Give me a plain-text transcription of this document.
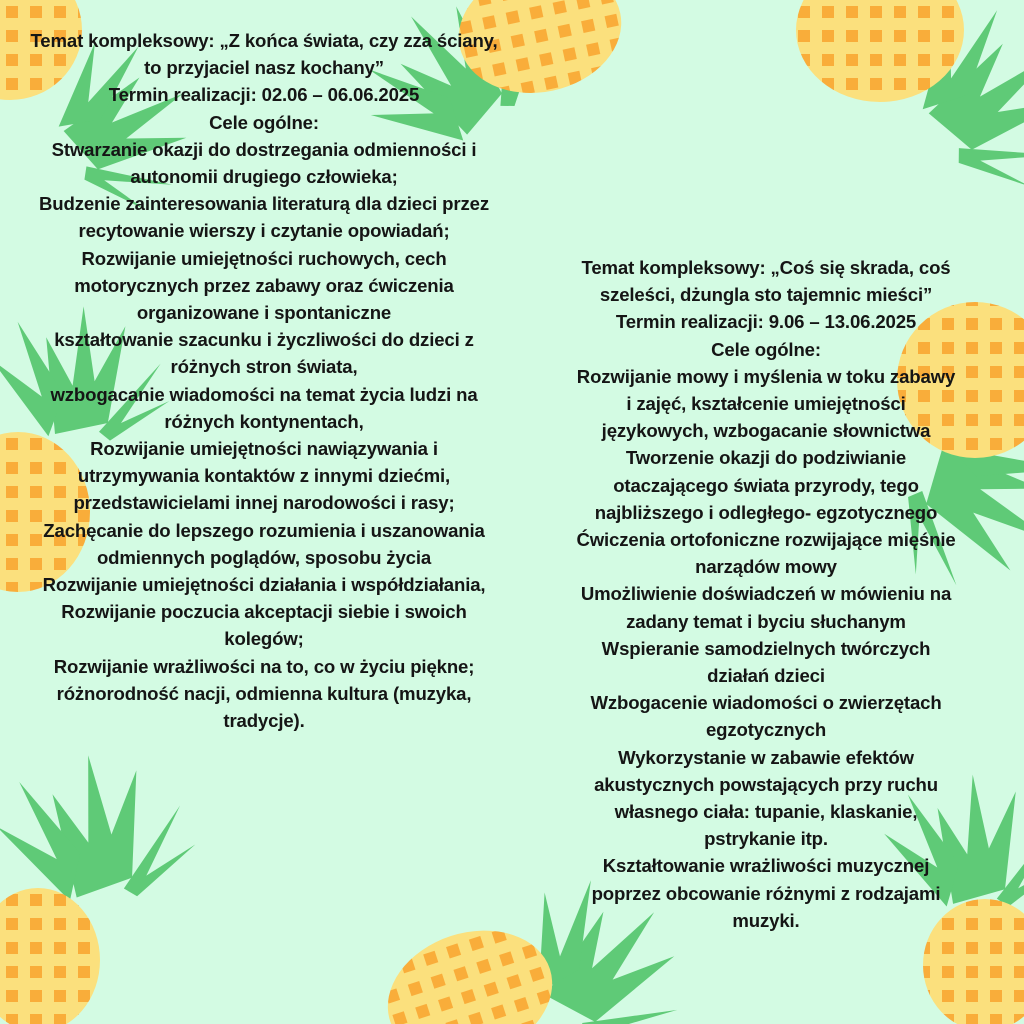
Temat kompleksowy: „Z końca świata, czy zza ściany,
to przyjaciel nasz kochany”
Termin realizacji: 02.06 – 06.06.2025
Cele ogólne:
Stwarzanie okazji do dostrzegania odmienności i
autonomii drugiego człowieka;
Budzenie zainteresowania literaturą dla dzieci przez
recytowanie wierszy i czytanie opowiadań;
Rozwijanie umiejętności ruchowych, cech
motorycznych przez zabawy oraz ćwiczenia
organizowane i spontaniczne
kształtowanie szacunku i życzliwości do dzieci z
różnych stron świata,
wzbogacanie wiadomości na temat życia ludzi na
różnych kontynentach,
Rozwijanie umiejętności nawiązywania i
utrzymywania kontaktów z innymi dziećmi,
przedstawicielami innej narodowości i rasy;
Zachęcanie do lepszego rozumienia i uszanowania
odmiennych poglądów, sposobu życia
Rozwijanie umiejętności działania i współdziałania,
Rozwijanie poczucia akceptacji siebie i swoich
kolegów;
Rozwijanie wrażliwości na to, co w życiu piękne;
różnorodność nacji, odmienna kultura (muzyka,
tradycje).
Temat kompleksowy: „Coś się skrada, coś
szeleści, dżungla sto tajemnic mieści”
Termin realizacji: 9.06 – 13.06.2025
Cele ogólne:
Rozwijanie mowy i myślenia w toku zabawy
i zajęć, kształcenie umiejętności
językowych, wzbogacanie słownictwa
Tworzenie okazji do podziwianie
otaczającego świata przyrody, tego
najbliższego i odległego- egzotycznego
Ćwiczenia ortofoniczne rozwijające mięśnie
narządów mowy
Umożliwienie doświadczeń w mówieniu na
zadany temat i byciu słuchanym
Wspieranie samodzielnych twórczych
działań dzieci
Wzbogacenie wiadomości o zwierzętach
egzotycznych
Wykorzystanie w zabawie efektów
akustycznych powstających przy ruchu
własnego ciała: tupanie, klaskanie,
pstrykanie itp.
Kształtowanie wrażliwości muzycznej
poprzez obcowanie różnymi z rodzajami
muzyki.
